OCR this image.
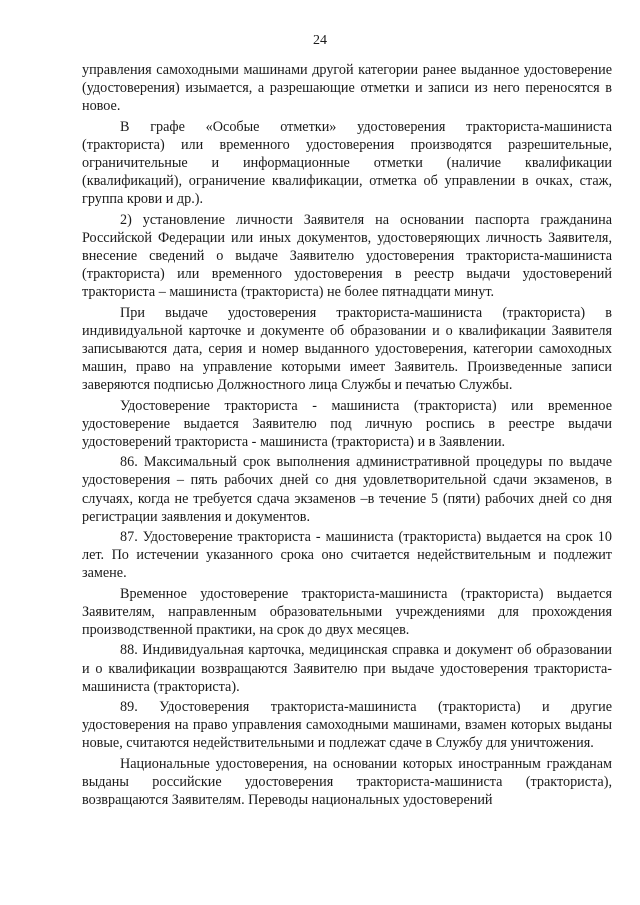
24

управления самоходными машинами другой категории ранее выданное удостоверение (удостоверения) изымается, а разрешающие отметки и записи из него переносятся в новое.

В графе «Особые отметки» удостоверения тракториста-машиниста (тракториста) или временного удостоверения производятся разрешительные, ограничительные и информационные отметки (наличие квалификации (квалификаций), ограничение квалификации, отметка об управлении в очках, стаж, группа крови и др.).

2) установление личности Заявителя на основании паспорта гражданина Российской Федерации или иных документов, удостоверяющих личность Заявителя, внесение сведений о выдаче Заявителю удостоверения тракториста-машиниста (тракториста) или временного удостоверения в реестр выдачи удостоверений тракториста – машиниста (тракториста) не более пятнадцати минут.

При выдаче удостоверения тракториста-машиниста (тракториста) в индивидуальной карточке и документе об образовании и о квалификации Заявителя записываются дата, серия и номер выданного удостоверения, категории самоходных машин, право на управление которыми имеет Заявитель. Произведенные записи заверяются подписью Должностного лица Службы и печатью Службы.

Удостоверение тракториста - машиниста (тракториста) или временное удостоверение выдается Заявителю под личную роспись в реестре выдачи удостоверений тракториста - машиниста (тракториста) и в Заявлении.

86. Максимальный срок выполнения административной процедуры по выдаче удостоверения – пять рабочих дней со дня удовлетворительной сдачи экзаменов, в случаях, когда не требуется сдача экзаменов –в течение 5 (пяти) рабочих дней со дня регистрации заявления и документов.

87. Удостоверение тракториста - машиниста (тракториста) выдается на срок 10 лет. По истечении указанного срока оно считается недействительным и подлежит замене.

Временное удостоверение тракториста-машиниста (тракториста) выдается Заявителям, направленным образовательными учреждениями для прохождения производственной практики, на срок до двух месяцев.

88. Индивидуальная карточка, медицинская справка и документ об образовании и о квалификации возвращаются Заявителю при выдаче удостоверения тракториста-машиниста (тракториста).

89. Удостоверения тракториста-машиниста (тракториста) и другие удостоверения на право управления самоходными машинами, взамен которых выданы новые, считаются недействительными и подлежат сдаче в Службу для уничтожения.

Национальные удостоверения, на основании которых иностранным гражданам выданы российские удостоверения тракториста-машиниста (тракториста), возвращаются Заявителям. Переводы национальных удостоверений
